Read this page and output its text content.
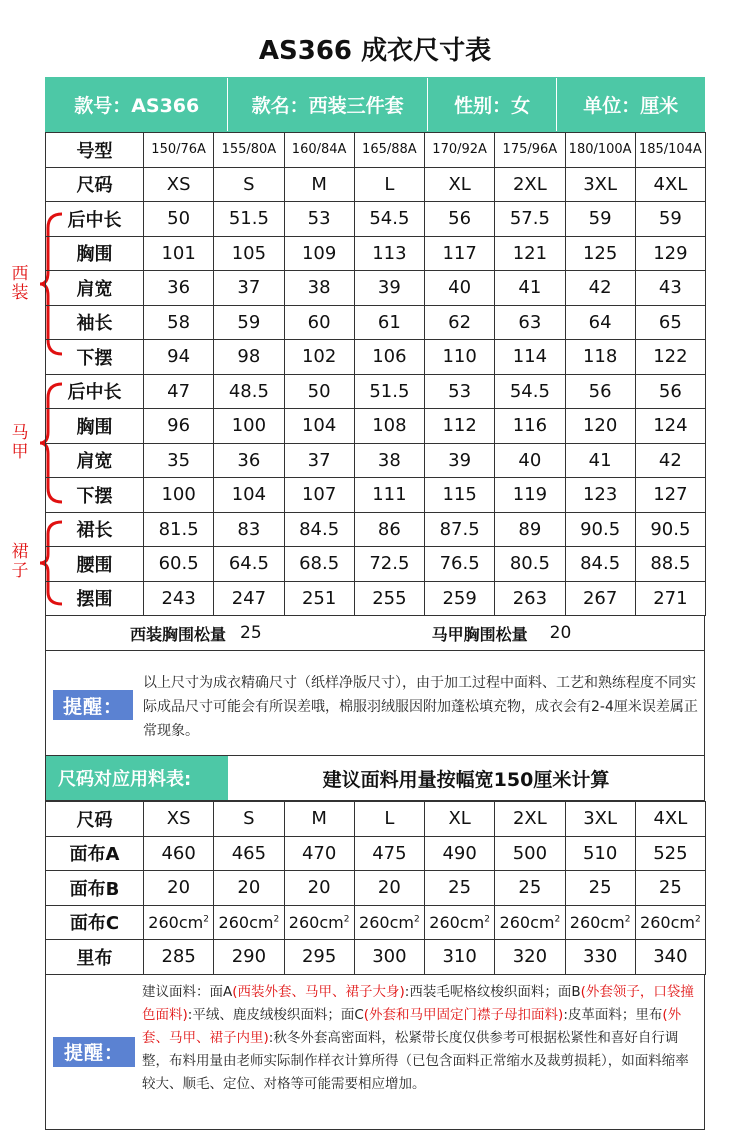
AS366 成衣尺寸表
西
装
马
甲
裙
子
款号：AS366	款名：西装三件套	性别：女	单位：厘米
号型	150/76A	155/80A	160/84A	165/88A	170/92A	175/96A	180/100A	185/104A
尺码	XS	S	M	L	XL	2XL	3XL	4XL
后中长	50	51.5	53	54.5	56	57.5	59	59
胸围	101	105	109	113	117	121	125	129
肩宽	36	37	38	39	40	41	42	43
袖长	58	59	60	61	62	63	64	65
下摆	94	98	102	106	110	114	118	122
后中长	47	48.5	50	51.5	53	54.5	56	56
胸围	96	100	104	108	112	116	120	124
肩宽	35	36	37	38	39	40	41	42
下摆	100	104	107	111	115	119	123	127
裙长	81.5	83	84.5	86	87.5	89	90.5	90.5
腰围	60.5	64.5	68.5	72.5	76.5	80.5	84.5	88.5
摆围	243	247	251	255	259	263	267	271
西装胸围松量 25	马甲胸围松量 20
提醒：
以上尺寸为成衣精确尺寸（纸样净版尺寸），由于加工过程中面料、工艺和熟练程度不同实际成品尺寸可能会有所误差哦，棉服羽绒服因附加蓬松填充物，成衣会有2-4厘米误差属正常现象。
尺码对应用料表:	建议面料用量按幅宽150厘米计算
尺码	XS	S	M	L	XL	2XL	3XL	4XL
面布A	460	465	470	475	490	500	510	525
面布B	20	20	20	20	25	25	25	25
面布C	$260cm^2$	$260cm^2$	$260cm^2$	$260cm^2$	$260cm^2$	$260cm^2$	$260cm^2$	$260cm^2$
里布	285	290	295	300	310	320	330	340
提醒：
建议面料：面A(西装外套、马甲、裙子大身):西装毛呢格纹梭织面料；面B(外套领子，口袋撞色面料):平绒、鹿皮绒梭织面料；面C(外套和马甲固定门襟子母扣面料):皮革面料；里布(外套、马甲、裙子内里):秋冬外套高密面料，松紧带长度仅供参考可根据松紧性和喜好自行调整，布料用量由老师实际制作样衣计算所得（已包含面料正常缩水及裁剪损耗），如面料缩率较大、顺毛、定位、对格等可能需要相应增加。
